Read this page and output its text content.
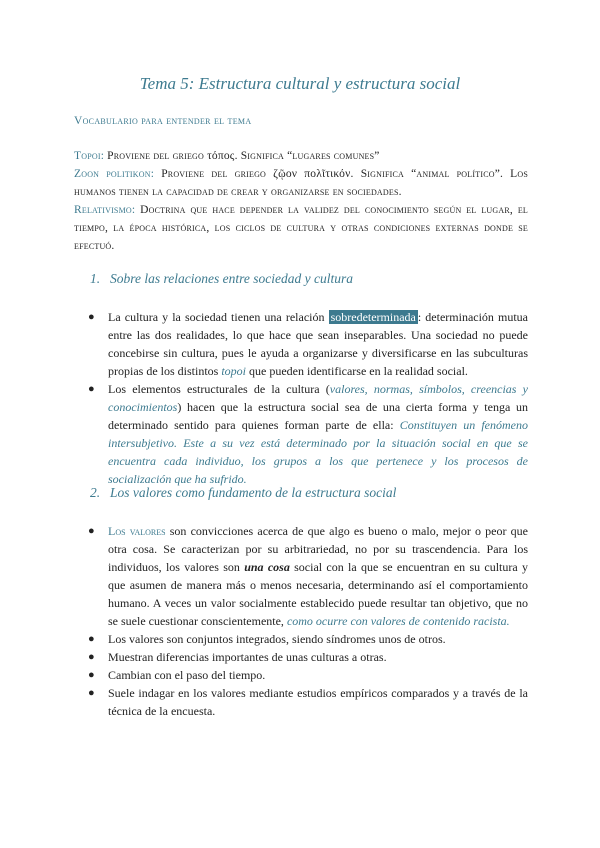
Tema 5: Estructura cultural y estructura social
Vocabulario para entender el tema
Topoi: Proviene del griego τόπος. Significa “lugares comunes”
Zoon politikon: Proviene del griego ζῷον πολῖτικόν. Significa “animal político”. Los humanos tienen la capacidad de crear y organizarse en sociedades.
Relativismo: Doctrina que hace depender la validez del conocimiento según el lugar, el tiempo, la época histórica, los ciclos de cultura y otras condiciones externas donde se efectuó.
1. Sobre las relaciones entre sociedad y cultura
● La cultura y la sociedad tienen una relación sobredeterminada : determinación mutua entre las dos realidades, lo que hace que sean inseparables. Una sociedad no puede concebirse sin cultura, pues le ayuda a organizarse y diversificarse en las subculturas propias de los distintos topoi que pueden identificarse en la realidad social.
● Los elementos estructurales de la cultura (valores, normas, símbolos, creencias y conocimientos) hacen que la estructura social sea de una cierta forma y tenga un determinado sentido para quienes forman parte de ella: Constituyen un fenómeno intersubjetivo. Este a su vez está determinado por la situación social en que se encuentra cada individuo, los grupos a los que pertenece y los procesos de socialización que ha sufrido.
2. Los valores como fundamento de la estructura social
● Los valores son convicciones acerca de que algo es bueno o malo, mejor o peor que otra cosa. Se caracterizan por su arbitrariedad, no por su trascendencia. Para los individuos, los valores son una cosa social con la que se encuentran en su cultura y que asumen de manera más o menos necesaria, determinando así el comportamiento humano. A veces un valor socialmente establecido puede resultar tan objetivo, que no se suele cuestionar conscientemente, como ocurre con valores de contenido racista.
● Los valores son conjuntos integrados, siendo síndromes unos de otros.
● Muestran diferencias importantes de unas culturas a otras.
● Cambian con el paso del tiempo.
● Suele indagar en los valores mediante estudios empíricos comparados y a través de la técnica de la encuesta.
